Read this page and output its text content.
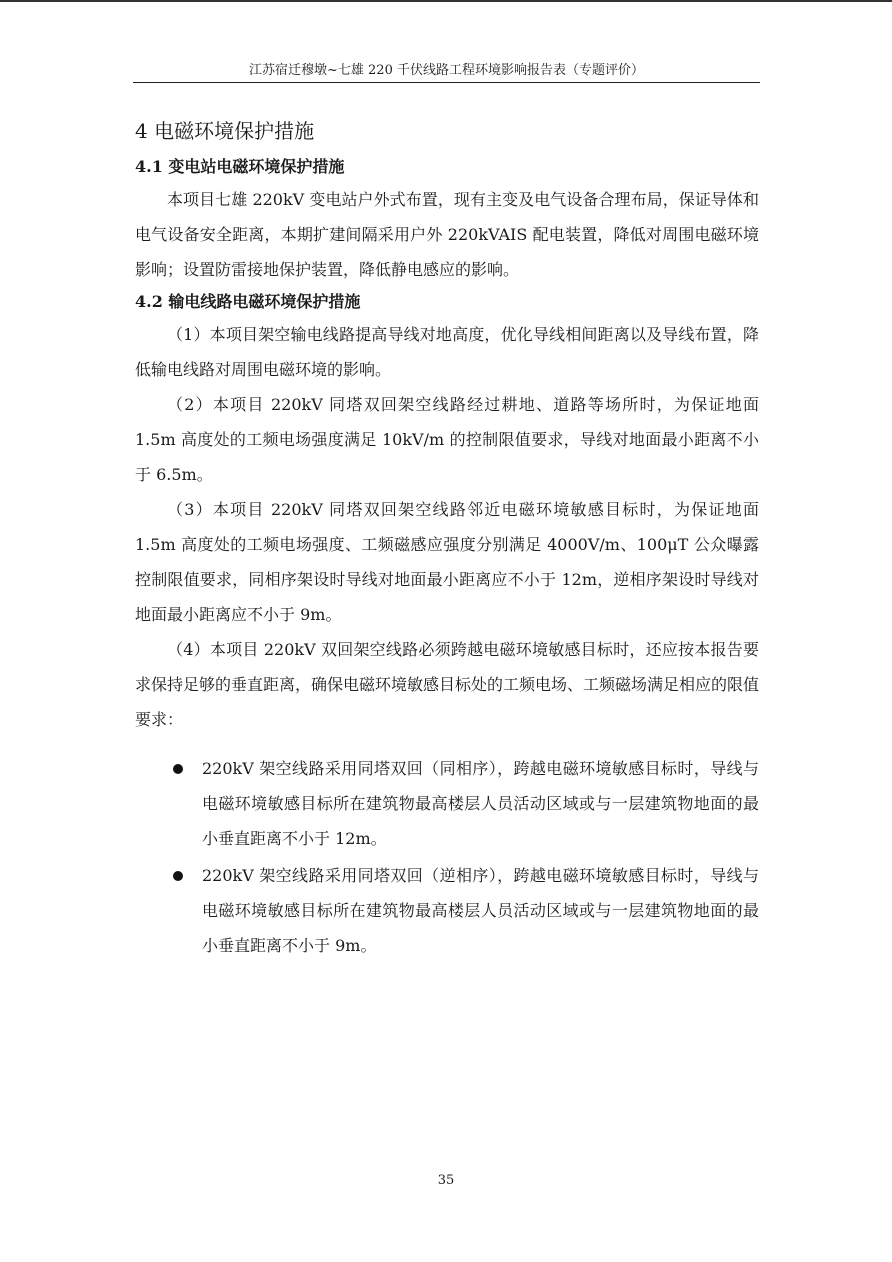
江苏宿迁穆墩~七雄 220 千伏线路工程环境影响报告表（专题评价）
4 电磁环境保护措施
4.1 变电站电磁环境保护措施

本项目七雄 220kV 变电站户外式布置，现有主变及电气设备合理布局，保证导体和电气设备安全距离，本期扩建间隔采用户外 220kVAIS 配电装置，降低对周围电磁环境影响；设置防雷接地保护装置，降低静电感应的影响。

4.2 输电线路电磁环境保护措施

（1）本项目架空输电线路提高导线对地高度，优化导线相间距离以及导线布置，降低输电线路对周围电磁环境的影响。

（2）本项目 220kV 同塔双回架空线路经过耕地、道路等场所时，为保证地面 1.5m 高度处的工频电场强度满足 10kV/m 的控制限值要求，导线对地面最小距离不小于 6.5m。

（3）本项目 220kV 同塔双回架空线路邻近电磁环境敏感目标时，为保证地面 1.5m 高度处的工频电场强度、工频磁感应强度分别满足 4000V/m、100μT 公众曝露控制限值要求，同相序架设时导线对地面最小距离应不小于 12m，逆相序架设时导线对地面最小距离应不小于 9m。

（4）本项目 220kV 双回架空线路必须跨越电磁环境敏感目标时，还应按本报告要求保持足够的垂直距离，确保电磁环境敏感目标处的工频电场、工频磁场满足相应的限值要求：

220kV 架空线路采用同塔双回（同相序），跨越电磁环境敏感目标时，导线与电磁环境敏感目标所在建筑物最高楼层人员活动区域或与一层建筑物地面的最小垂直距离不小于 12m。
220kV 架空线路采用同塔双回（逆相序），跨越电磁环境敏感目标时，导线与电磁环境敏感目标所在建筑物最高楼层人员活动区域或与一层建筑物地面的最小垂直距离不小于 9m。
35
